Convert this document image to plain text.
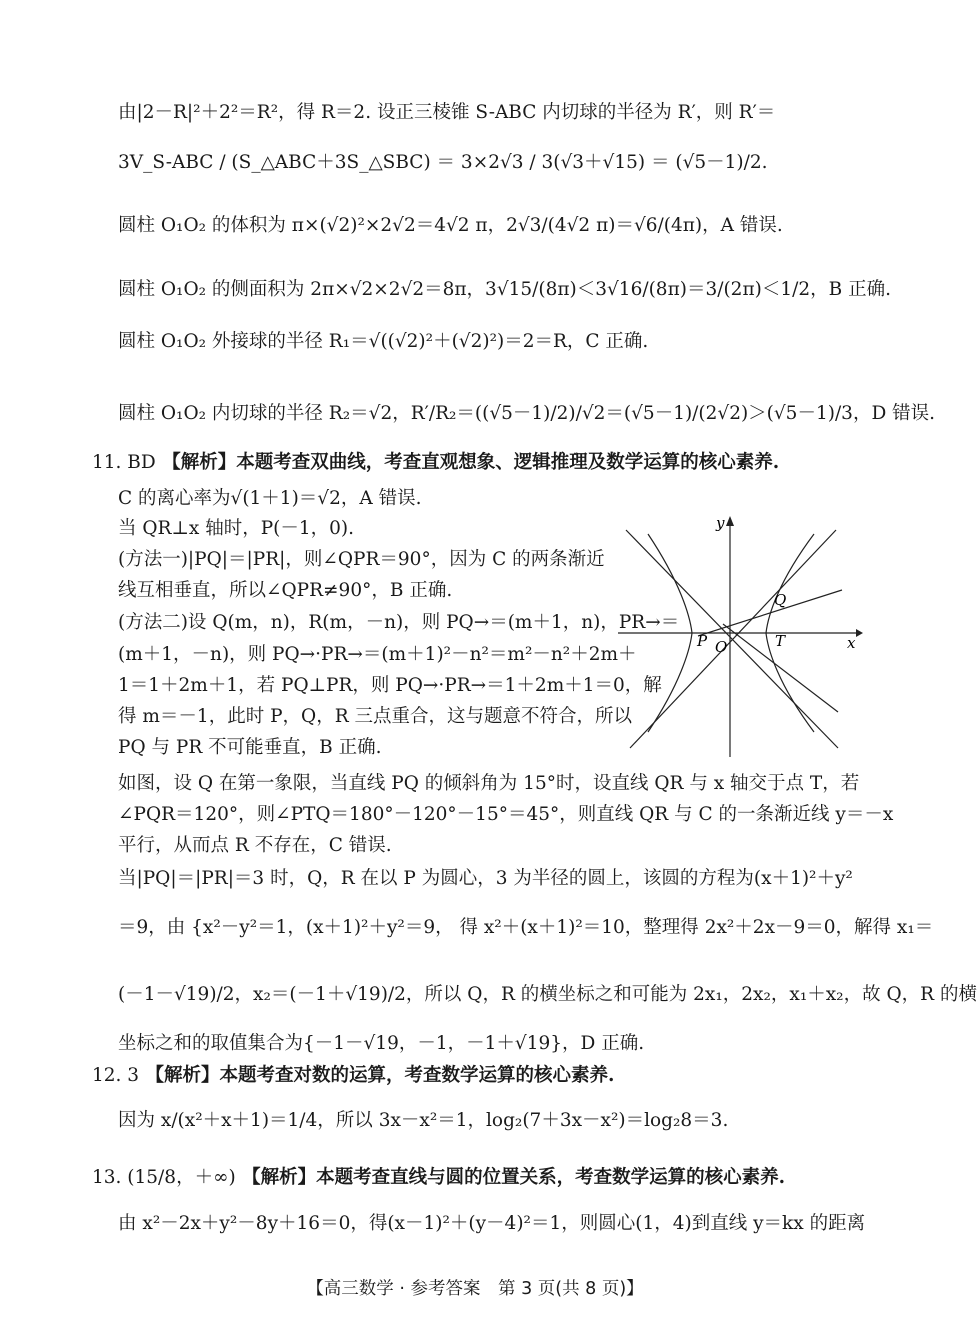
由|2－R|²＋2²＝R²，得 R＝2. 设正三棱锥 S-ABC 内切球的半径为 R′，则 R′＝
3V_S-ABC / (S_△ABC＋3S_△SBC) ＝ 3×2√3 / 3(√3＋√15) ＝ (√5－1)/2.
圆柱 O₁O₂ 的体积为 π×(√2)²×2√2＝4√2 π，2√3/(4√2 π)＝√6/(4π)，A 错误.
圆柱 O₁O₂ 的侧面积为 2π×√2×2√2＝8π，3√15/(8π)＜3√16/(8π)＝3/(2π)＜1/2，B 正确.
圆柱 O₁O₂ 外接球的半径 R₁＝√((√2)²＋(√2)²)＝2＝R，C 正确.
圆柱 O₁O₂ 内切球的半径 R₂＝√2，R′/R₂＝((√5－1)/2)/√2＝(√5－1)/(2√2)＞(√5－1)/3，D 错误.
11. BD 【解析】本题考查双曲线，考查直观想象、逻辑推理及数学运算的核心素养.
C 的离心率为√(1＋1)＝√2，A 错误.
当 QR⊥x 轴时，P(－1，0).
(方法一)|PQ|＝|PR|，则∠QPR＝90°，因为 C 的两条渐近
线互相垂直，所以∠QPR≠90°，B 正确.
(方法二)设 Q(m，n)，R(m，－n)，则 PQ→＝(m＋1，n)，PR→＝
(m＋1，－n)，则 PQ→·PR→＝(m＋1)²－n²＝m²－n²＋2m＋
1＝1＋2m＋1，若 PQ⊥PR，则 PQ→·PR→＝1＋2m＋1＝0，解
得 m＝－1，此时 P，Q，R 三点重合，这与题意不符合，所以
PQ 与 PR 不可能垂直，B 正确.
y
x
Q
P O	T
如图，设 Q 在第一象限，当直线 PQ 的倾斜角为 15°时，设直线 QR 与 x 轴交于点 T，若
∠PQR＝120°，则∠PTQ＝180°－120°－15°＝45°，则直线 QR 与 C 的一条渐近线 y＝－x
平行，从而点 R 不存在，C 错误.
当|PQ|＝|PR|＝3 时，Q，R 在以 P 为圆心，3 为半径的圆上，该圆的方程为(x＋1)²＋y²
＝9，由 {x²－y²＝1，(x＋1)²＋y²＝9， 得 x²＋(x＋1)²＝10，整理得 2x²＋2x－9＝0，解得 x₁＝
(－1－√19)/2，x₂＝(－1＋√19)/2，所以 Q，R 的横坐标之和可能为 2x₁，2x₂，x₁＋x₂，故 Q，R 的横
坐标之和的取值集合为{－1－√19，－1，－1＋√19}，D 正确.
12. 3 【解析】本题考查对数的运算，考查数学运算的核心素养.
因为 x/(x²＋x＋1)＝1/4，所以 3x－x²＝1，log₂(7＋3x－x²)＝log₂8＝3.
13. (15/8，＋∞) 【解析】本题考查直线与圆的位置关系，考查数学运算的核心素养.
由 x²－2x＋y²－8y＋16＝0，得(x－1)²＋(y－4)²＝1，则圆心(1，4)到直线 y＝kx 的距离
【高三数学 · 参考答案　第 3 页(共 8 页)】
